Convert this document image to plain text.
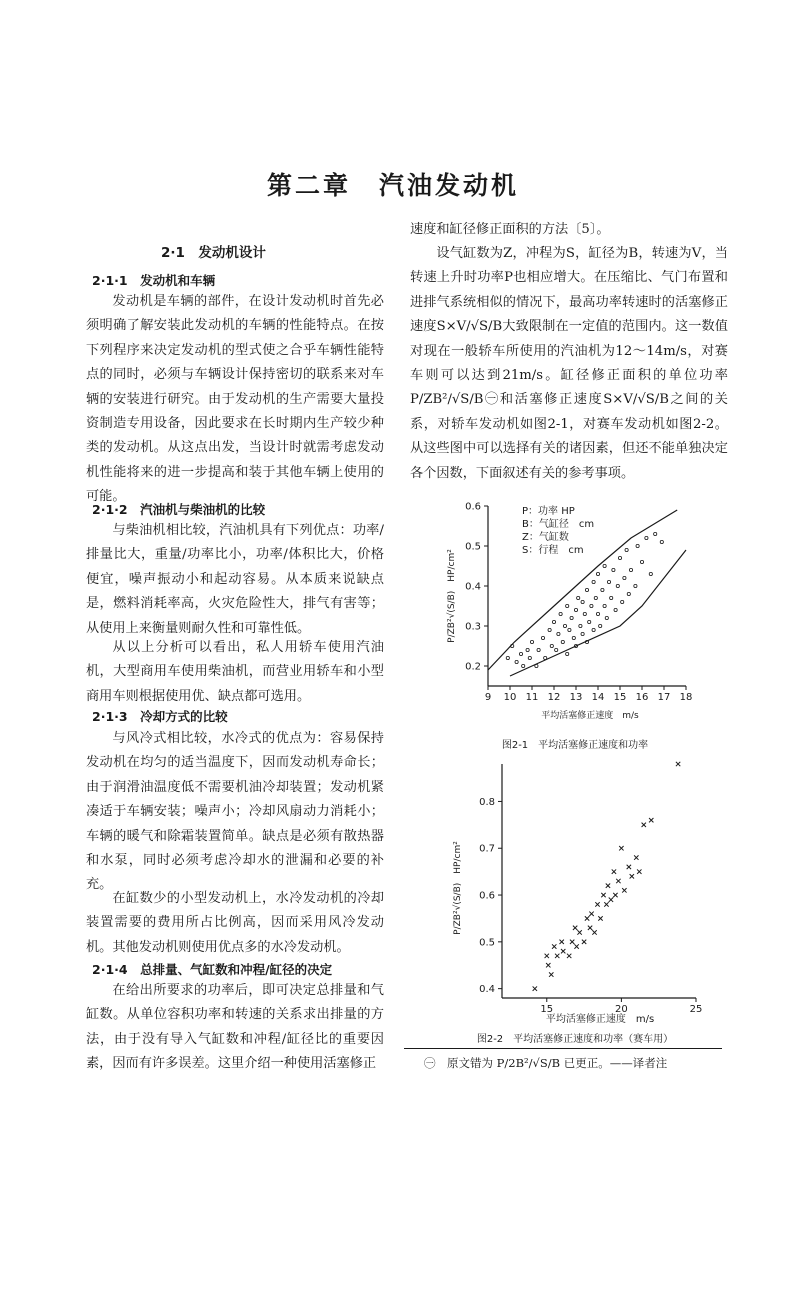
第二章　汽油发动机
2·1　发动机设计
2·1·1　发动机和车辆

发动机是车辆的部件，在设计发动机时首先必须明确了解安装此发动机的车辆的性能特点。在按下列程序来决定发动机的型式使之合乎车辆性能特点的同时，必须与车辆设计保持密切的联系来对车辆的安装进行研究。由于发动机的生产需要大量投资制造专用设备，因此要求在长时期内生产较少种类的发动机。从这点出发，当设计时就需考虑发动机性能将来的进一步提高和装于其他车辆上使用的可能。

2·1·2　汽油机与柴油机的比较

与柴油机相比较，汽油机具有下列优点：功率/排量比大，重量/功率比小，功率/体积比大，价格便宜，噪声振动小和起动容易。从本质来说缺点是，燃料消耗率高，火灾危险性大，排气有害等；从使用上来衡量则耐久性和可靠性低。

从以上分析可以看出，私人用轿车使用汽油机，大型商用车使用柴油机，而营业用轿车和小型商用车则根据使用优、缺点都可选用。

2·1·3　冷却方式的比较

与风冷式相比较，水冷式的优点为：容易保持发动机在均匀的适当温度下，因而发动机寿命长；由于润滑油温度低不需要机油冷却装置；发动机紧凑适于车辆安装；噪声小；冷却风扇动力消耗小；车辆的暖气和除霜装置简单。缺点是必须有散热器和水泵，同时必须考虑冷却水的泄漏和必要的补充。

在缸数少的小型发动机上，水冷发动机的冷却装置需要的费用所占比例高，因而采用风冷发动机。其他发动机则使用优点多的水冷发动机。

2·1·4　总排量、气缸数和冲程/缸径的决定

在给出所要求的功率后，即可决定总排量和气缸数。从单位容积功率和转速的关系求出排量的方法，由于没有导入气缸数和冲程/缸径比的重要因素，因而有许多误差。这里介绍一种使用活塞修正

速度和缸径修正面积的方法〔5〕。

设气缸数为Z，冲程为S，缸径为B，转速为V，当转速上升时功率P也相应增大。在压缩比、气门布置和进排气系统相似的情况下，最高功率转速时的活塞修正速度S×V/√S/B大致限制在一定值的范围内。这一数值对现在一般轿车所使用的汽油机为12～14m/s，对赛车则可以达到21m/s。缸径修正面积的单位功率 P/ZB²/√S/B㊀和活塞修正速度S×V/√S/B之间的关系，对轿车发动机如图2-1，对赛车发动机如图2-2。从这些图中可以选择有关的诸因素，但还不能单独决定各个因数，下面叙述有关的参考事项。

0.2
0.3
0.4
0.5
0.6
9 10 11 12 13 14 15 16 17 18
P：功率 HP
B：气缸径　cm
Z：气缸数
S：行程　cm
P/ZB²√(S/B)　HP/cm²
平均活塞修正速度　m/s
图2-1　平均活塞修正速度和功率
0.4
0.5
0.6
0.7
0.8
15	20	25
P/ZB²√(S/B)　HP/cm²
平均活塞修正速度　m/s
图2-2　平均活塞修正速度和功率（赛车用）
㊀　原文错为 P/2B²/√S/B 已更正。——译者注
